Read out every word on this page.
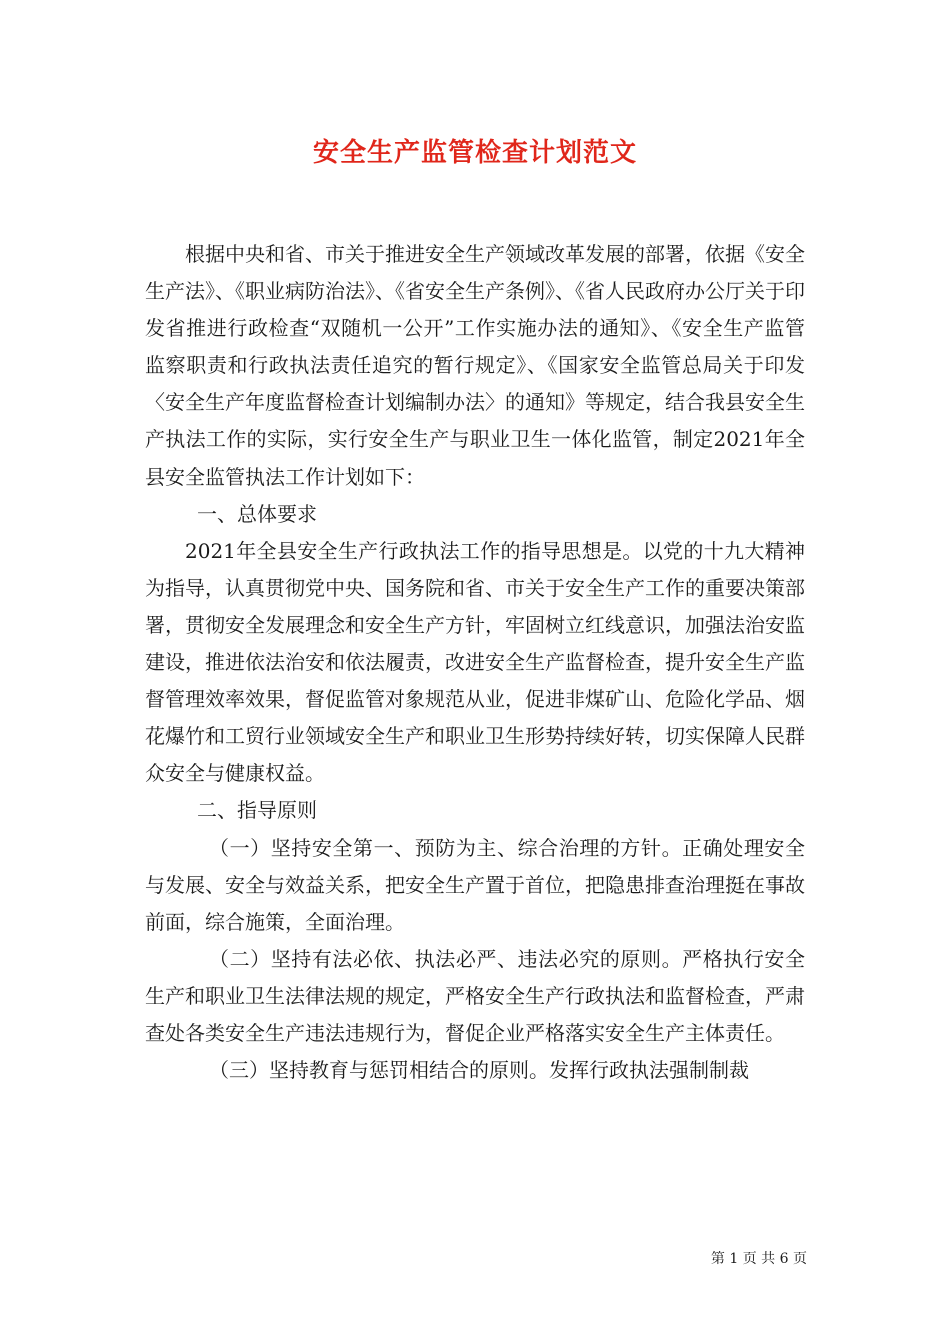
安全生产监管检查计划范文

根据中央和省、市关于推进安全生产领域改革发展的部署，依据《安全生产法》、《职业病防治法》、《省安全生产条例》、《省人民政府办公厅关于印发省推进行政检查“双随机一公开”工作实施办法的通知》、《安全生产监管监察职责和行政执法责任追究的暂行规定》、《国家安全监管总局关于印发〈安全生产年度监督检查计划编制办法〉的通知》等规定，结合我县安全生产执法工作的实际，实行安全生产与职业卫生一体化监管，制定2021年全县安全监管执法工作计划如下：

一、总体要求

2021年全县安全生产行政执法工作的指导思想是。以党的十九大精神为指导，认真贯彻党中央、国务院和省、市关于安全生产工作的重要决策部署，贯彻安全发展理念和安全生产方针，牢固树立红线意识，加强法治安监建设，推进依法治安和依法履责，改进安全生产监督检查，提升安全生产监督管理效率效果，督促监管对象规范从业，促进非煤矿山、危险化学品、烟花爆竹和工贸行业领域安全生产和职业卫生形势持续好转，切实保障人民群众安全与健康权益。

二、指导原则

（一）坚持安全第一、预防为主、综合治理的方针。正确处理安全与发展、安全与效益关系，把安全生产置于首位，把隐患排查治理挺在事故前面，综合施策，全面治理。

（二）坚持有法必依、执法必严、违法必究的原则。严格执行安全生产和职业卫生法律法规的规定，严格安全生产行政执法和监督检查，严肃查处各类安全生产违法违规行为，督促企业严格落实安全生产主体责任。

（三）坚持教育与惩罚相结合的原则。发挥行政执法强制制裁

第 1 页 共 6 页
